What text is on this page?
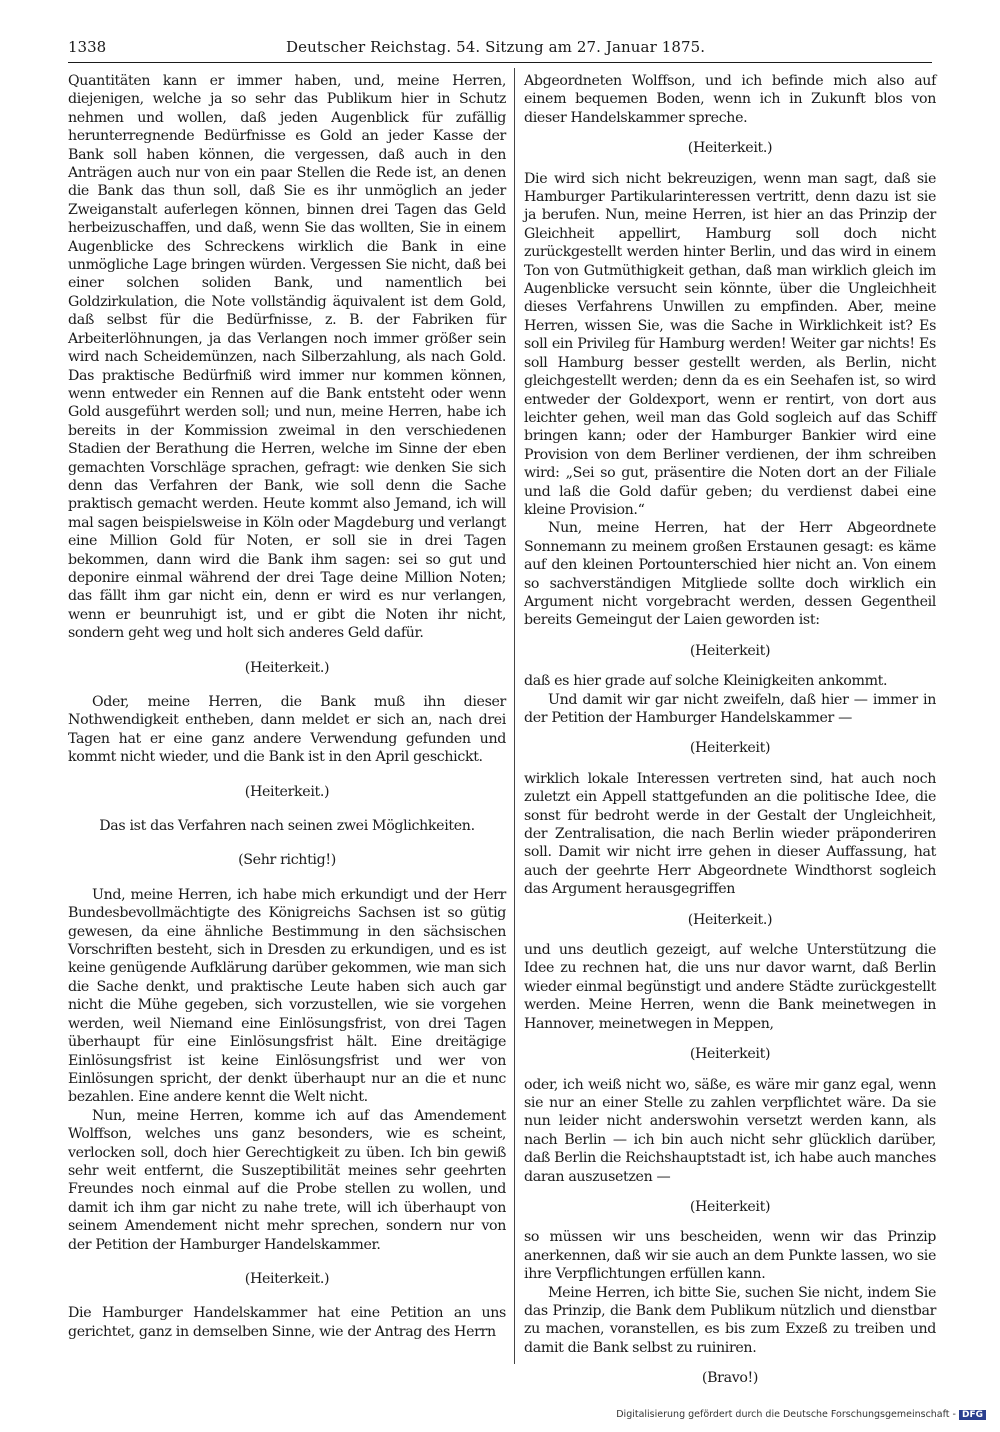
1338	Deutscher Reichstag. 54. Sitzung am 27. Januar 1875.

Quantitäten kann er immer haben, und, meine Herren, diejenigen, welche ja so sehr das Publikum hier in Schutz nehmen und wollen, daß jeden Augenblick für zufällig herunterregnende Bedürfnisse es Gold an jeder Kasse der Bank soll haben können, die vergessen, daß auch in den Anträgen auch nur von ein paar Stellen die Rede ist, an denen die Bank das thun soll, daß Sie es ihr unmöglich an jeder Zweiganstalt auferlegen können, binnen drei Tagen das Geld herbeizuschaffen, und daß, wenn Sie das wollten, Sie in einem Augenblicke des Schreckens wirklich die Bank in eine unmögliche Lage bringen würden. Vergessen Sie nicht, daß bei einer solchen soliden Bank, und namentlich bei Goldzirkulation, die Note vollständig äquivalent ist dem Gold, daß selbst für die Bedürfnisse, z. B. der Fabriken für Arbeiterlöhnungen, ja das Verlangen noch immer größer sein wird nach Scheidemünzen, nach Silberzahlung, als nach Gold. Das praktische Bedürfniß wird immer nur kommen können, wenn entweder ein Rennen auf die Bank entsteht oder wenn Gold ausgeführt werden soll; und nun, meine Herren, habe ich bereits in der Kommission zweimal in den verschiedenen Stadien der Berathung die Herren, welche im Sinne der eben gemachten Vorschläge sprachen, gefragt: wie denken Sie sich denn das Verfahren der Bank, wie soll denn die Sache praktisch gemacht werden. Heute kommt also Jemand, ich will mal sagen beispielsweise in Köln oder Magdeburg und verlangt eine Million Gold für Noten, er soll sie in drei Tagen bekommen, dann wird die Bank ihm sagen: sei so gut und deponire einmal während der drei Tage deine Million Noten; das fällt ihm gar nicht ein, denn er wird es nur verlangen, wenn er beunruhigt ist, und er gibt die Noten ihr nicht, sondern geht weg und holt sich anderes Geld dafür.

(Heiterkeit.)

Oder, meine Herren, die Bank muß ihn dieser Nothwendigkeit entheben, dann meldet er sich an, nach drei Tagen hat er eine ganz andere Verwendung gefunden und kommt nicht wieder, und die Bank ist in den April geschickt.

(Heiterkeit.)

Das ist das Verfahren nach seinen zwei Möglichkeiten.

(Sehr richtig!)

Und, meine Herren, ich habe mich erkundigt und der Herr Bundesbevollmächtigte des Königreichs Sachsen ist so gütig gewesen, da eine ähnliche Bestimmung in den sächsischen Vorschriften besteht, sich in Dresden zu erkundigen, und es ist keine genügende Aufklärung darüber gekommen, wie man sich die Sache denkt, und praktische Leute haben sich auch gar nicht die Mühe gegeben, sich vorzustellen, wie sie vorgehen werden, weil Niemand eine Einlösungsfrist, von drei Tagen überhaupt für eine Einlösungsfrist hält. Eine dreitägige Einlösungsfrist ist keine Einlösungsfrist und wer von Einlösungen spricht, der denkt überhaupt nur an die et nunc bezahlen. Eine andere kennt die Welt nicht.

Nun, meine Herren, komme ich auf das Amendement Wolffson, welches uns ganz besonders, wie es scheint, verlocken soll, doch hier Gerechtigkeit zu üben. Ich bin gewiß sehr weit entfernt, die Suszeptibilität meines sehr geehrten Freundes noch einmal auf die Probe stellen zu wollen, und damit ich ihm gar nicht zu nahe trete, will ich überhaupt von seinem Amendement nicht mehr sprechen, sondern nur von der Petition der Hamburger Handelskammer.

(Heiterkeit.)

Die Hamburger Handelskammer hat eine Petition an uns gerichtet, ganz in demselben Sinne, wie der Antrag des Herrn

Abgeordneten Wolffson, und ich befinde mich also auf einem bequemen Boden, wenn ich in Zukunft blos von dieser Handelskammer spreche.

(Heiterkeit.)

Die wird sich nicht bekreuzigen, wenn man sagt, daß sie Hamburger Partikularinteressen vertritt, denn dazu ist sie ja berufen. Nun, meine Herren, ist hier an das Prinzip der Gleichheit appellirt, Hamburg soll doch nicht zurückgestellt werden hinter Berlin, und das wird in einem Ton von Gutmüthigkeit gethan, daß man wirklich gleich im Augenblicke versucht sein könnte, über die Ungleichheit dieses Verfahrens Unwillen zu empfinden. Aber, meine Herren, wissen Sie, was die Sache in Wirklichkeit ist? Es soll ein Privileg für Hamburg werden! Weiter gar nichts! Es soll Hamburg besser gestellt werden, als Berlin, nicht gleichgestellt werden; denn da es ein Seehafen ist, so wird entweder der Goldexport, wenn er rentirt, von dort aus leichter gehen, weil man das Gold sogleich auf das Schiff bringen kann; oder der Hamburger Bankier wird eine Provision von dem Berliner verdienen, der ihm schreiben wird: „Sei so gut, präsentire die Noten dort an der Filiale und laß die Gold dafür geben; du verdienst dabei eine kleine Provision.“

Nun, meine Herren, hat der Herr Abgeordnete Sonnemann zu meinem großen Erstaunen gesagt: es käme auf den kleinen Portounterschied hier nicht an. Von einem so sachverständigen Mitgliede sollte doch wirklich ein Argument nicht vorgebracht werden, dessen Gegentheil bereits Gemeingut der Laien geworden ist:

(Heiterkeit)

daß es hier grade auf solche Kleinigkeiten ankommt.

Und damit wir gar nicht zweifeln, daß hier — immer in der Petition der Hamburger Handelskammer —

(Heiterkeit)

wirklich lokale Interessen vertreten sind, hat auch noch zuletzt ein Appell stattgefunden an die politische Idee, die sonst für bedroht werde in der Gestalt der Ungleichheit, der Zentralisation, die nach Berlin wieder präponderiren soll. Damit wir nicht irre gehen in dieser Auffassung, hat auch der geehrte Herr Abgeordnete Windthorst sogleich das Argument herausgegriffen

(Heiterkeit.)

und uns deutlich gezeigt, auf welche Unterstützung die Idee zu rechnen hat, die uns nur davor warnt, daß Berlin wieder einmal begünstigt und andere Städte zurückgestellt werden. Meine Herren, wenn die Bank meinetwegen in Hannover, meinetwegen in Meppen,

(Heiterkeit)

oder, ich weiß nicht wo, säße, es wäre mir ganz egal, wenn sie nur an einer Stelle zu zahlen verpflichtet wäre. Da sie nun leider nicht anderswohin versetzt werden kann, als nach Berlin — ich bin auch nicht sehr glücklich darüber, daß Berlin die Reichshauptstadt ist, ich habe auch manches daran auszusetzen —

(Heiterkeit)

so müssen wir uns bescheiden, wenn wir das Prinzip anerkennen, daß wir sie auch an dem Punkte lassen, wo sie ihre Verpflichtungen erfüllen kann.

Meine Herren, ich bitte Sie, suchen Sie nicht, indem Sie das Prinzip, die Bank dem Publikum nützlich und dienstbar zu machen, voranstellen, es bis zum Exzeß zu treiben und damit die Bank selbst zu ruiniren.

(Bravo!)

Digitalisierung gefördert durch die Deutsche Forschungsgemeinschaft - DFG
